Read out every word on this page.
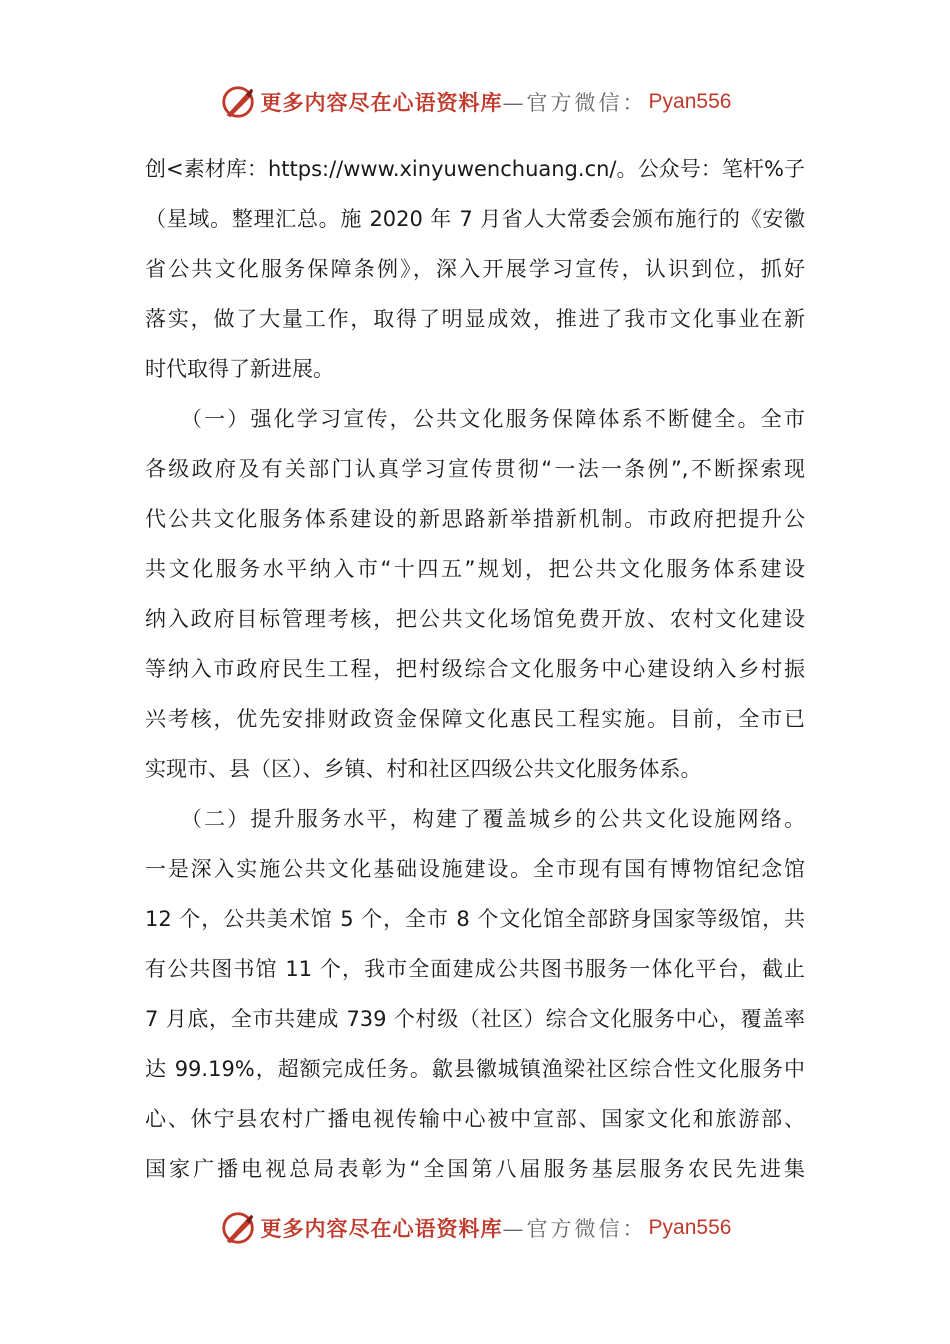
更多内容尽在心语资料库 —官方微信： Pyan556
创<素材库：https://www.xinyuwenchuang.cn/。公众号：笔杆%子
（星域。整理汇总。施 2020 年 7 月省人大常委会颁布施行的《安徽
省公共文化服务保障条例》，深入开展学习宣传，认识到位，抓好
落实，做了大量工作，取得了明显成效，推进了我市文化事业在新
时代取得了新进展。
　　（一）强化学习宣传，公共文化服务保障体系不断健全。全市
各级政府及有关部门认真学习宣传贯彻“一法一条例”,不断探索现
代公共文化服务体系建设的新思路新举措新机制。市政府把提升公
共文化服务水平纳入市“十四五”规划，把公共文化服务体系建设
纳入政府目标管理考核，把公共文化场馆免费开放、农村文化建设
等纳入市政府民生工程，把村级综合文化服务中心建设纳入乡村振
兴考核，优先安排财政资金保障文化惠民工程实施。目前，全市已
实现市、县（区）、乡镇、村和社区四级公共文化服务体系。
　　（二）提升服务水平，构建了覆盖城乡的公共文化设施网络。
一是深入实施公共文化基础设施建设。全市现有国有博物馆纪念馆
12 个，公共美术馆 5 个，全市 8 个文化馆全部跻身国家等级馆，共
有公共图书馆 11 个，我市全面建成公共图书服务一体化平台，截止
7 月底，全市共建成 739 个村级（社区）综合文化服务中心，覆盖率
达 99.19%，超额完成任务。歙县徽城镇渔梁社区综合性文化服务中
心、休宁县农村广播电视传输中心被中宣部、国家文化和旅游部、
国家广播电视总局表彰为“全国第八届服务基层服务农民先进集
更多内容尽在心语资料库 —官方微信： Pyan556
